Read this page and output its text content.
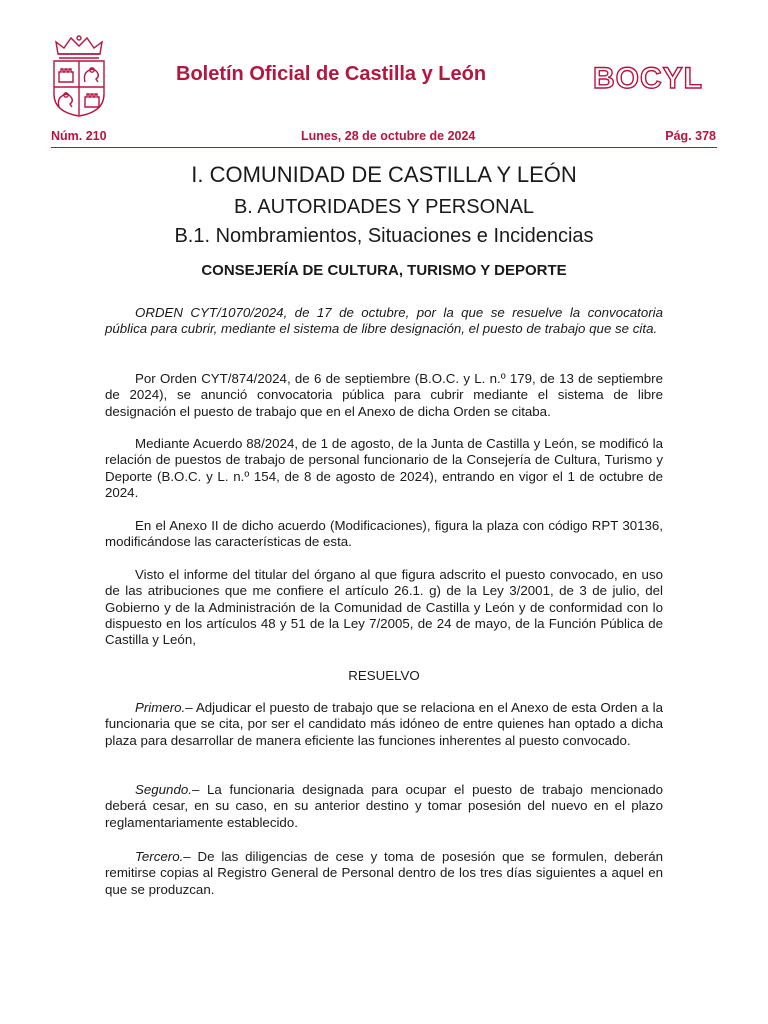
Boletín Oficial de Castilla y León	BOCYL
Núm. 210	Lunes, 28 de octubre de 2024	Pág. 378
I. COMUNIDAD DE CASTILLA Y LEÓN
B. AUTORIDADES Y PERSONAL
B.1. Nombramientos, Situaciones e Incidencias
CONSEJERÍA DE CULTURA, TURISMO Y DEPORTE

ORDEN CYT/1070/2024, de 17 de octubre, por la que se resuelve la convocatoria pública para cubrir, mediante el sistema de libre designación, el puesto de trabajo que se cita.

Por Orden CYT/874/2024, de 6 de septiembre (B.O.C. y L. n.º 179, de 13 de septiembre de 2024), se anunció convocatoria pública para cubrir mediante el sistema de libre designación el puesto de trabajo que en el Anexo de dicha Orden se citaba.

Mediante Acuerdo 88/2024, de 1 de agosto, de la Junta de Castilla y León, se modificó la relación de puestos de trabajo de personal funcionario de la Consejería de Cultura, Turismo y Deporte (B.O.C. y L. n.º 154, de 8 de agosto de 2024), entrando en vigor el 1 de octubre de 2024.

En el Anexo II de dicho acuerdo (Modificaciones), figura la plaza con código RPT 30136, modificándose las características de esta.

Visto el informe del titular del órgano al que figura adscrito el puesto convocado, en uso de las atribuciones que me confiere el artículo 26.1. g) de la Ley 3/2001, de 3 de julio, del Gobierno y de la Administración de la Comunidad de Castilla y León y de conformidad con lo dispuesto en los artículos 48 y 51 de la Ley 7/2005, de 24 de mayo, de la Función Pública de Castilla y León,

RESUELVO

Primero.– Adjudicar el puesto de trabajo que se relaciona en el Anexo de esta Orden a la funcionaria que se cita, por ser el candidato más idóneo de entre quienes han optado a dicha plaza para desarrollar de manera eficiente las funciones inherentes al puesto convocado.

Segundo.– La funcionaria designada para ocupar el puesto de trabajo mencionado deberá cesar, en su caso, en su anterior destino y tomar posesión del nuevo en el plazo reglamentariamente establecido.

Tercero.– De las diligencias de cese y toma de posesión que se formulen, deberán remitirse copias al Registro General de Personal dentro de los tres días siguientes a aquel en que se produzcan.
